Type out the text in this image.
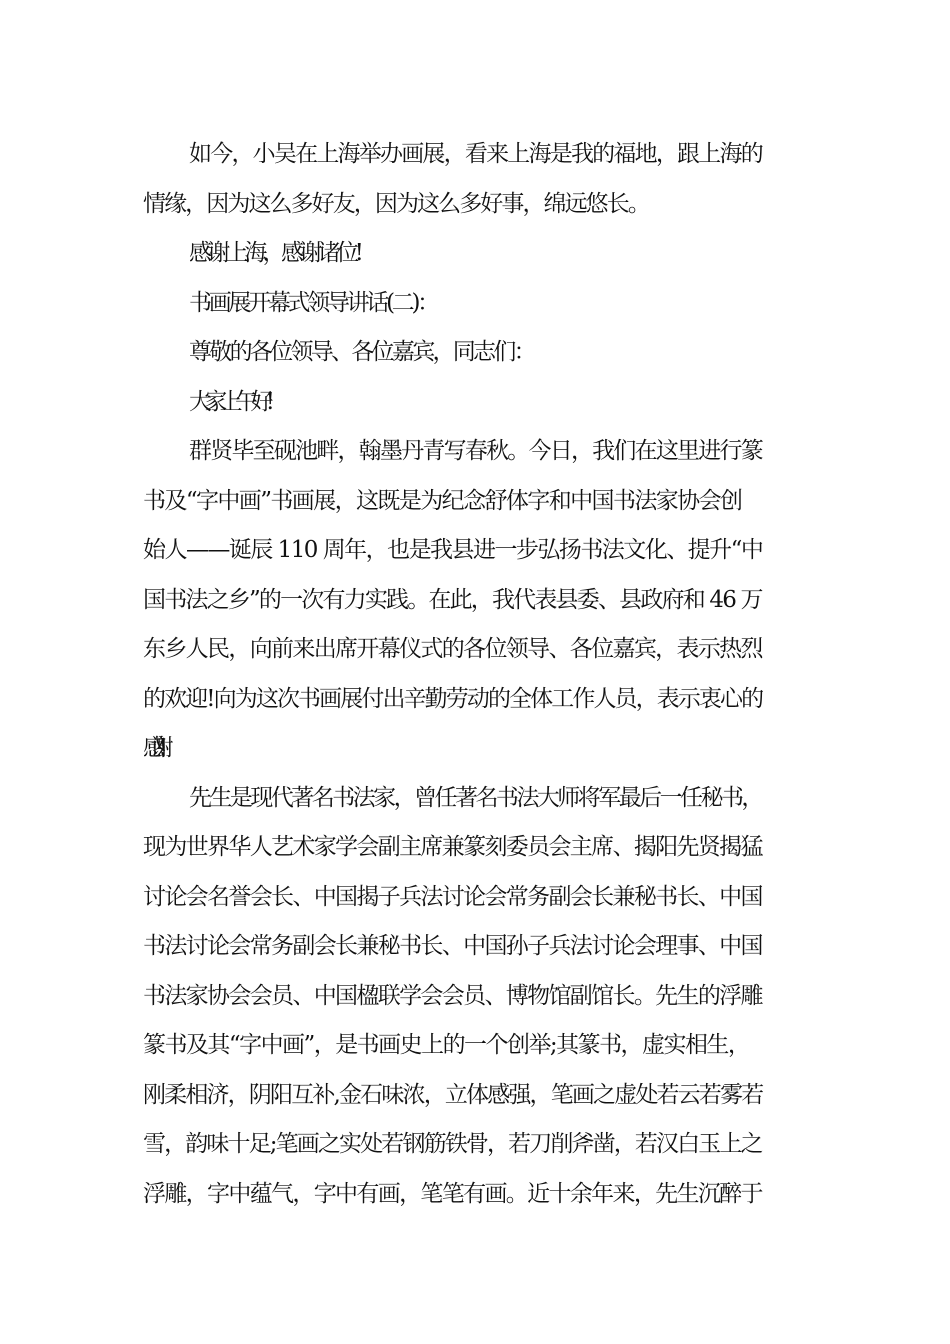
如今，小吴在上海举办画展，看来上海是我的福地，跟上海的
情缘，因为这么多好友，因为这么多好事，绵远悠长。

感谢上海，感谢诸位!

书画展开幕式领导讲话(二)：

尊敬的各位领导、各位嘉宾，同志们：

大家上午好!

群贤毕至砚池畔，翰墨丹青写春秋。今日，我们在这里进行篆
书及“字中画”书画展，这既是为纪念舒体字和中国书法家协会创
始人——诞辰 110 周年，也是我县进一步弘扬书法文化、提升“中
国书法之乡”的一次有力实践。在此，我代表县委、县政府和 46 万
东乡人民，向前来出席开幕仪式的各位领导、各位嘉宾，表示热烈
的欢迎!向为这次书画展付出辛勤劳动的全体工作人员，表示衷心的
感谢!

先生是现代著名书法家，曾任著名书法大师将军最后一任秘书，
现为世界华人艺术家学会副主席兼篆刻委员会主席、揭阳先贤揭猛
讨论会名誉会长、中国揭子兵法讨论会常务副会长兼秘书长、中国
书法讨论会常务副会长兼秘书长、中国孙子兵法讨论会理事、中国
书法家协会会员、中国楹联学会会员、博物馆副馆长。先生的浮雕
篆书及其“字中画”，是书画史上的一个创举;其篆书，虚实相生，
刚柔相济，阴阳互补,金石味浓，立体感强，笔画之虚处若云若雾若
雪，韵味十足;笔画之实处若钢筋铁骨，若刀削斧凿，若汉白玉上之
浮雕，字中蕴气，字中有画，笔笔有画。近十余年来，先生沉醉于
